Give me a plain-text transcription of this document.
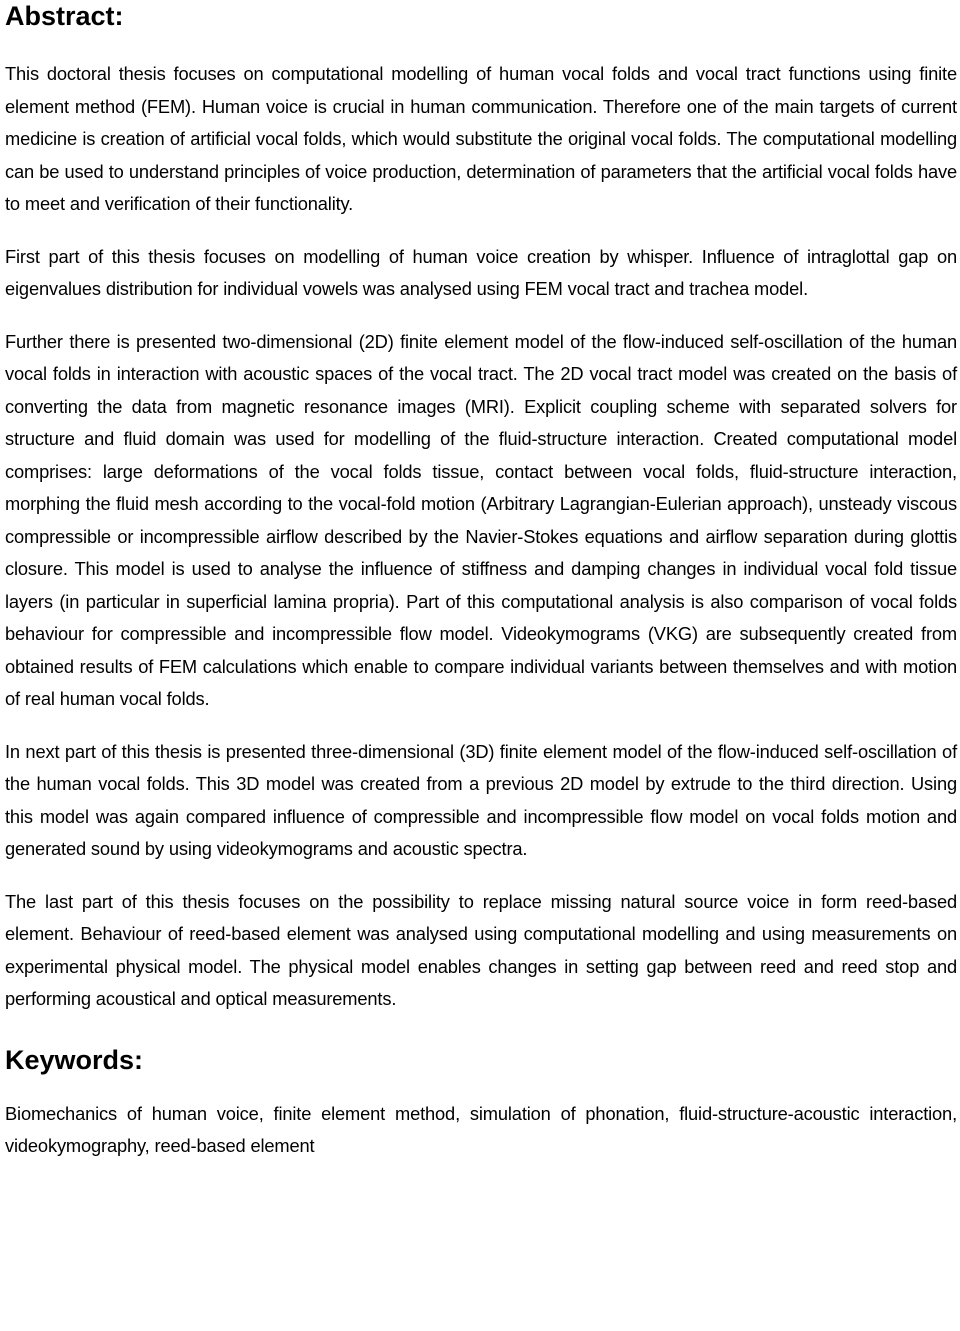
Abstract:

This doctoral thesis focuses on computational modelling of human vocal folds and vocal tract functions using finite element method (FEM). Human voice is crucial in human communication. Therefore one of the main targets of current medicine is creation of artificial vocal folds, which would substitute the original vocal folds. The computational modelling can be used to understand principles of voice production, determination of parameters that the artificial vocal folds have to meet and verification of their functionality.

First part of this thesis focuses on modelling of human voice creation by whisper. Influence of intraglottal gap on eigenvalues distribution for individual vowels was analysed using FEM vocal tract and trachea model.

Further there is presented two-dimensional (2D) finite element model of the flow-induced self-oscillation of the human vocal folds in interaction with acoustic spaces of the vocal tract. The 2D vocal tract model was created on the basis of converting the data from magnetic resonance images (MRI). Explicit coupling scheme with separated solvers for structure and fluid domain was used for modelling of the fluid-structure interaction. Created computational model comprises: large deformations of the vocal folds tissue, contact between vocal folds, fluid-structure interaction, morphing the fluid mesh according to the vocal-fold motion (Arbitrary Lagrangian-Eulerian approach), unsteady viscous compressible or incompressible airflow described by the Navier-Stokes equations and airflow separation during glottis closure. This model is used to analyse the influence of stiffness and damping changes in individual vocal fold tissue layers (in particular in superficial lamina propria). Part of this computational analysis is also comparison of vocal folds behaviour for compressible and incompressible flow model. Videokymograms (VKG) are subsequently created from obtained results of FEM calculations which enable to compare individual variants between themselves and with motion of real human vocal folds.

In next part of this thesis is presented three-dimensional (3D) finite element model of the flow-induced self-oscillation of the human vocal folds. This 3D model was created from a previous 2D model by extrude to the third direction. Using this model was again compared influence of compressible and incompressible flow model on vocal folds motion and generated sound by using videokymograms and acoustic spectra.

The last part of this thesis focuses on the possibility to replace missing natural source voice in form reed-based element. Behaviour of reed-based element was analysed using computational modelling and using measurements on experimental physical model. The physical model enables changes in setting gap between reed and reed stop and performing acoustical and optical measurements.

Keywords:

Biomechanics of human voice, finite element method, simulation of phonation, fluid-structure-acoustic interaction, videokymography, reed-based element
